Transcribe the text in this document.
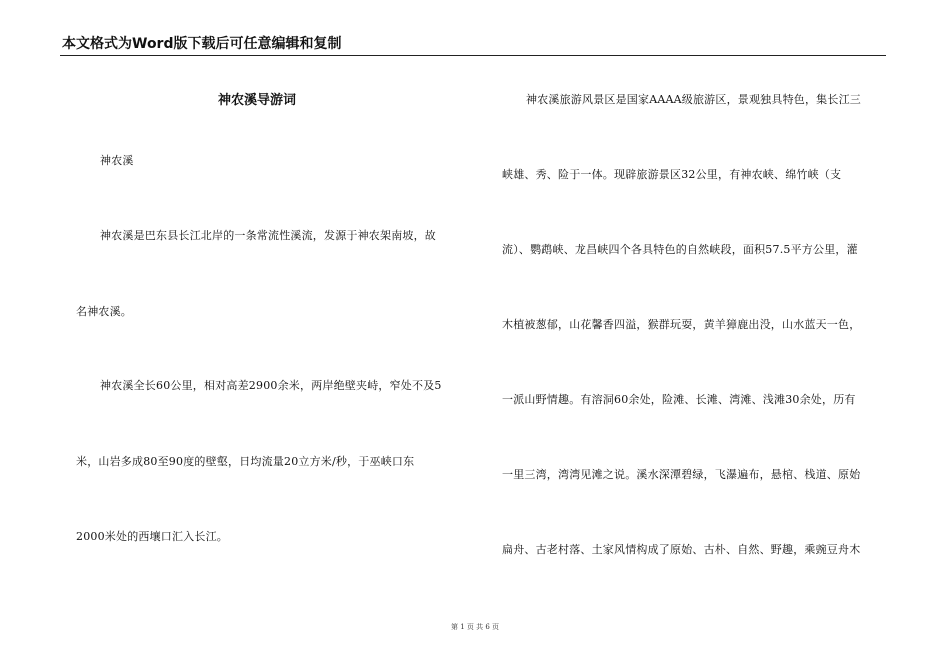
本文格式为Word版下载后可任意编辑和复制
神农溪导游词
神农溪
神农溪是巴东县长江北岸的一条常流性溪流，发源于神农架南坡，故
名神农溪。
神农溪全长60公里，相对高差2900余米，两岸绝壁夹峙，窄处不及5
米，山岩多成80至90度的壁壑，日均流量20立方米/秒，于巫峡口东
2000米处的西壤口汇入长江。
神农溪旅游风景区是国家AAAA级旅游区，景观独具特色，集长江三
峡雄、秀、险于一体。现辟旅游景区32公里，有神农峡、绵竹峡（支
流）、鹦鹉峡、龙昌峡四个各具特色的自然峡段，面积57.5平方公里，灌
木植被葱郁，山花馨香四溢，猴群玩耍，黄羊獐鹿出没，山水蓝天一色，
一派山野情趣。有溶洞60余处，险滩、长滩、湾滩、浅滩30余处，历有
一里三湾，湾湾见滩之说。溪水深潭碧绿，飞瀑遍布，悬棺、栈道、原始
扁舟、古老村落、土家风情构成了原始、古朴、自然、野趣，乘豌豆舟木
第 1 页 共 6 页
